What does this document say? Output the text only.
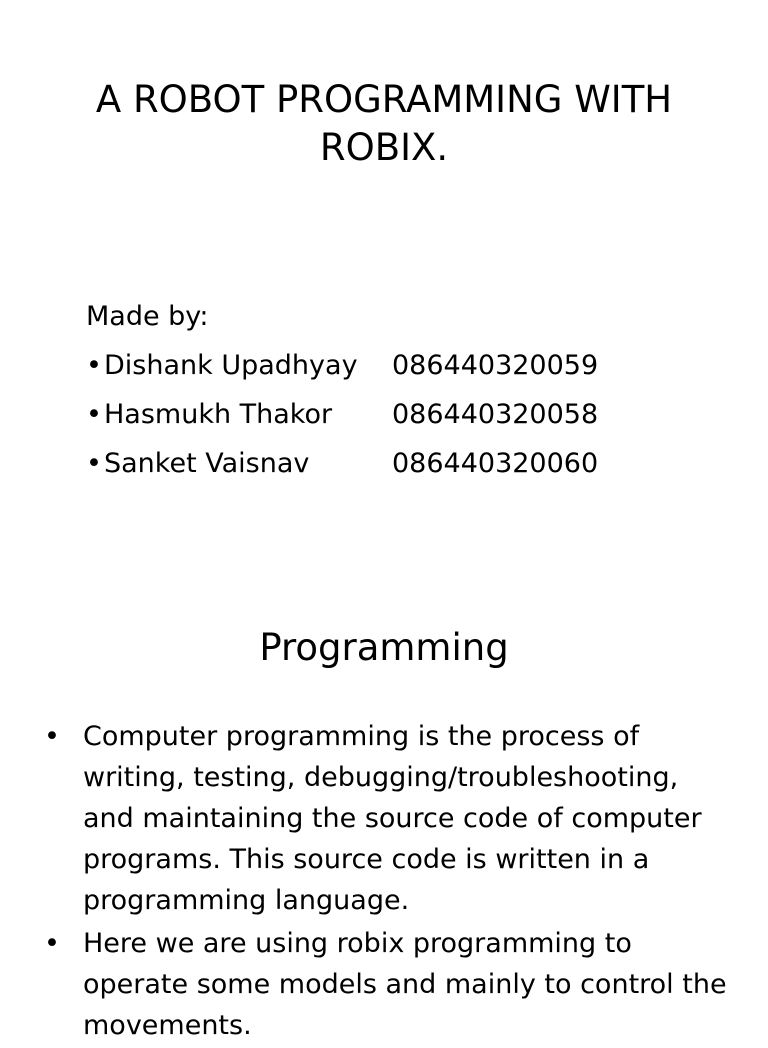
A ROBOT PROGRAMMING WITH ROBIX.
Made by:
• Dishank Upadhyay	086440320059
• Hasmukh Thakor	086440320058
• Sanket Vaisnav	086440320060
Programming
• Computer programming is the process of writing, testing, debugging/troubleshooting, and maintaining the source code of computer programs. This source code is written in a programming language.
• Here we are using robix programming to operate some models and mainly to control the movements.
